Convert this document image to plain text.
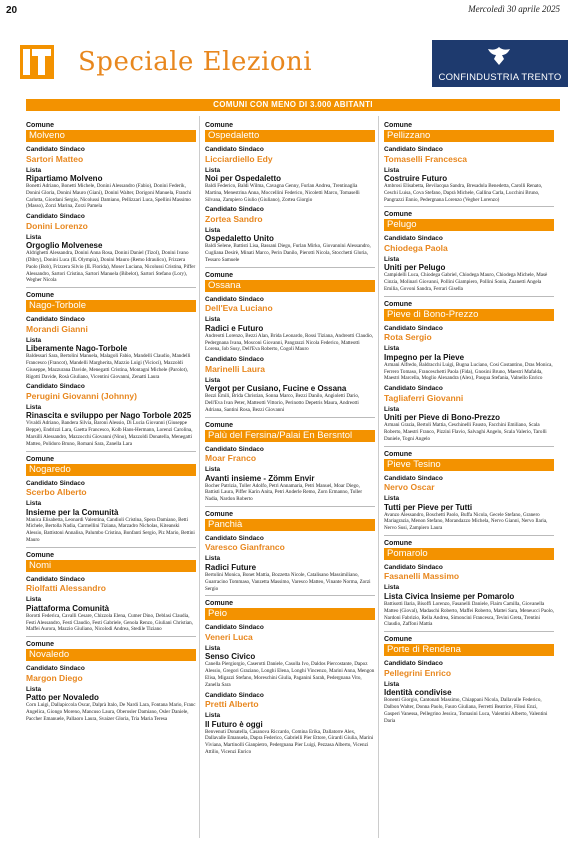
20	Mercoledì 30 aprile 2025
Speciale Elezioni
CONFINDUSTRIA TRENTO
COMUNI CON MENO DI 3.000 ABITANTI
Comune
Molveno
Candidato Sindaco
Sartori Matteo
Lista
Ripartiamo Molveno
Bonetti Adriano, Bonetti Michele, Donini Alessandro (Fabio), Donini Federik, Donini Gloria, Donini Mauro (Gianì), Donini Walter, Dorigoni Manuela, Franchi Carlotta, Giordani Sergio, Nicolussi Damiano, Pellizzari Luca, Spellini Massimo (Masso), Zorzi Marina, Zorzi Pamela
Candidato Sindaco
Donini Lorenzo
Lista
Orgoglio Molvenese
Aldrighetti Alessandra, Donini Anna Rosa, Donini Daniel (Tizol), Donini Ivano (Dibry), Donini Luca (IL Olympia), Donini Mauro (Remo Idraulico), Frizzera Paolo (Bob), Frizzera Silvio (IL Florida), Moser Luciana, Nicolussi Cristina, Piffer Alessandro, Sartori Cristina, Sartori Manuela (Bibelot), Sartori Stefano (Lory), Wegher Nicola
Comune
Nago-Torbole
Candidato Sindaco
Morandi Gianni
Lista
Liberamente Nago-Torbole
Baldessari Sara, Bertolini Manuela, Malagoli Fabio, Mandelli Claudio, Mandelli Francesco (Francot), Mandelli Margherita, Mazzio Luigi (Vicioci), Mazzoldi Giuseppe, Mazzurana Davide, Menegatti Cristina, Montagni Michele (Parolot), Rigotti Davide, Rosà Giuliano, Vicentini Giovanni, Zenatti Laura
Candidato Sindaco
Perugini Giovanni (Johnny)
Lista
Rinascita e sviluppo per Nago Torbole 2025
Vivaldi Adriano, Bandera Silvia, Baroni Alessio, Di Lucia Giovanni (Giuseppe Beppe), Endrizzi Lara, Gaetta Francesco, Kolb Hans-Hermann, Lorenzi Carolina, Marsilli Alessandro, Mazzocchi Giovanni (Nino), Mazzoldi Donatella, Menegatti Matteo, Polidoro Bruno, Romani Sara, Zanella Lara
Comune
Nogaredo
Candidato Sindaco
Scerbo Alberto
Lista
Insieme per la Comunità
Manica Elisabetta, Leonardi Valentina, Candioli Cristina, Spera Damiano, Betti Michele, Bertolla Nadia, Carmellini Tiziana, Marzadro Nicholas, Kiteanski Alessio, Battistoni Annalisa, Palumbo Cristina, Bonfanti Sergio, Piz Mario, Bettini Mauro
Comune
Nomi
Candidato Sindaco
Riolfatti Alessandro
Lista
Piattaforma Comunità
Borotti Federica, Cavalli Cesare, Chizzola Elena, Cumer Dino, Deblasi Claudia, Festi Alessandro, Festi Claudio, Festi Gabriele, Genola Renzo, Giuliani Christian, Maffei Aurora, Mazzio Giuliano, Nicolodi Andrea, Stedile Tiziano
Comune
Novaledo
Candidato Sindaco
Margon Diego
Lista
Patto per Novaledo
Corn Luigi, Dallapiccola Oscar, Dalprà Italo, De Nardi Lara, Fontana Mario, Franc Angelica, Giongo Moreno, Mancuso Laura, Oberosler Damiano, Osler Daniele, Paccher Emanuele, Pallaoro Laura, Svaizer Gloria, Tria Maria Teresa
Comune
Ospedaletto
Candidato Sindaco
Licciardiello Edy
Lista
Noi per Ospedaletto
Baldi Federico, Baldi Wilma, Cavagna Genny, Furlan Andrea, Trentinaglia Martina, Menestrina Anna, Moccellini Federico, Nicoletti Marco, Tomaselli Silvana, Zampiero Giulio (Giuliano), Zortea Giorgio
Candidato Sindaco
Zortea Sandro
Lista
Ospedaletto Unito
Baldi Selene, Battisti Lisa, Bassani Diego, Furlan Mirko, Giovannini Alessandro, Cugliana Desirè, Minati Marco, Perin Danilo, Pierotti Nicola, Stocchetti Gloria, Tessaro Samuele
Comune
Ossana
Candidato Sindaco
Dell'Eva Luciano
Lista
Radici e Futuro
Andreotti Lorenzo, Bezzi Alan, Brida Leonardo, Rossi Tiziana, Andreotti Claudio, Pedergnana Ivana, Mosconi Giovanni, Pangrazzi Nicola Federico, Matteotti Lorena, Iob Susy, Dell'Eva Roberto, Cogoli Mauro
Candidato Sindaco
Marinelli Laura
Lista
Vergot per Cusiano, Fucine e Ossana
Bezzi Emili, Brida Christian, Sonna Marco, Bezzi Danilo, Angioletti Dario, Dell'Eva Ivan Peter, Matteotti Vittorio, Perinotto Depetris Maura, Andreotti Adriana, Santini Rosa, Bezzi Giovanni
Comune
Palù del Fersina/Palai En Bersntol
Candidato Sindaco
Moar Franco
Lista
Avanti insieme - Zömm Envir
Bocher Patrizia, Toller Adolfo, Petri Annamaria, Petri Manuel, Moar Diego, Battisti Laura, Piffer Karin Anita, Petri Anderle Remo, Zorn Ermanno, Toller Nadia, Nardon Roberto
Comune
Panchià
Candidato Sindaco
Varesco Gianfranco
Lista
Radici Future
Bertolini Monica, Bonet Mattia, Bozzetta Nicole, Catalisano Massimiliano, Guarracino Tommaso, Vanzetta Massimo, Varesco Matteo, Vinante Norma, Zorzi Sergio
Comune
Peio
Candidato Sindaco
Veneri Luca
Lista
Senso Civico
Canella Piergiorgio, Caserotti Daniele, Casolla Ivo, Daldos Piercostante, Dapoz Alessio, Gregori Graziano, Longhi Elena, Longhi Vincenzo, Marini Anna, Mengon Elisa, Migazzi Stefano, Moreschini Giulia, Paganini Sarah, Pedergnana Vito, Zanella Sara
Candidato Sindaco
Pretti Alberto
Lista
Il Futuro è oggi
Benvenuti Donatella, Casanova Riccardo, Comina Erika, Dallatorre Alex, Dallavalle Emanuela, Dapra Federico, Gabrielli Pier Ettore, Girardi Giulia, Marini Viviana, Martinolli Gianpietro, Pedergnana Pier Luigi, Pezzasa Alberto, Vicenzi Attilio, Vicenzi Enrico
Comune
Pellizzano
Candidato Sindaco
Tomaselli Francesca
Lista
Costruire Futuro
Ambrosi Elisabetta, Bevilacqua Sandra, Bresadola Benedetta, Carolli Renato, Ceschi Luisa, Cova Stefano, Daprà Michele, Gallina Carla, Lucchini Bruno, Pangrazzi Ennio, Pedergnana Lorenzo (Vegher Lorenzo)
Comune
Pelugo
Candidato Sindaco
Chiodega Paola
Lista
Uniti per Pelugo
Campidelli Luca, Chiodega Gabriel, Chiodega Mauro, Chiodega Michele, Masè Cinzia, Molinari Giovanni, Pollini Giampiero, Pollini Sonia, Zuanetti Angela Emilia, Govoni Sandra, Ferrari Gisella
Comune
Pieve di Bono-Prezzo
Candidato Sindaco
Rota Sergio
Lista
Impegno per la Pieve
Armani Alfredo, Baldracchi Luigi, Bugna Luciano, Cosi Costantino, Dras Monica, Ferrero Tomaso, Franceschetti Paola (Fida), Gnosini Bruno, Maestri Mafalda, Maestri Marcella, Moglio Alexandra (Alex), Pasqua Stefania, Valnello Enrico
Candidato Sindaco
Tagliaferri Giovanni
Lista
Uniti per Pieve di Bono-Prezzo
Armani Grazia, Bertoli Mattia, Ceschinelli Fausto, Facchini Emiliano, Scala Roberto, Maestri Franco, Pizzini Flavio, Salvaghi Angelo, Scala Valerio, Tarolli Daniele, Togni Angelo
Comune
Pieve Tesino
Candidato Sindaco
Nervo Oscar
Lista
Tutti per Pieve per Tutti
Avanzo Alessandro, Boschetti Paolo, Buffa Nicola, Gecele Stefano, Granero Mariagrazia, Menon Stefano, Morandazzo Michela, Nervo Gianni, Nervo Ilaria, Nervo Susi, Zampiero Laura
Comune
Pomarolo
Candidato Sindaco
Fasanelli Massimo
Lista
Lista Civica Insieme per Pomarolo
Battisotti Ilaria, Bisoffi Lorenzo, Fasanelli Daniele, Flaim Camilla, Giovanella Matteo (Gioval), Madaschi Roberto, Maffei Roberto, Mattei Sara, Meneucci Paolo, Nardoni Fabrizio, Rella Andrea, Simoncini Francesca, Tevini Greta, Trentini Claudio, Zaffoni Mattia
Comune
Porte di Rendena
Candidato Sindaco
Pellegrini Enrico
Lista
Identità condivise
Bonenti Giorgio, Cantonati Massimo, Chiappani Nicola, Dallavalle Federico, Dalbon Walter, Donna Paolo, Fauro Giuliana, Ferretti Beatrice, Filosi Enzi, Gasperi Vanessa, Pellegrino Jessica, Tomasini Luca, Valentini Alberto, Valentini Daria
